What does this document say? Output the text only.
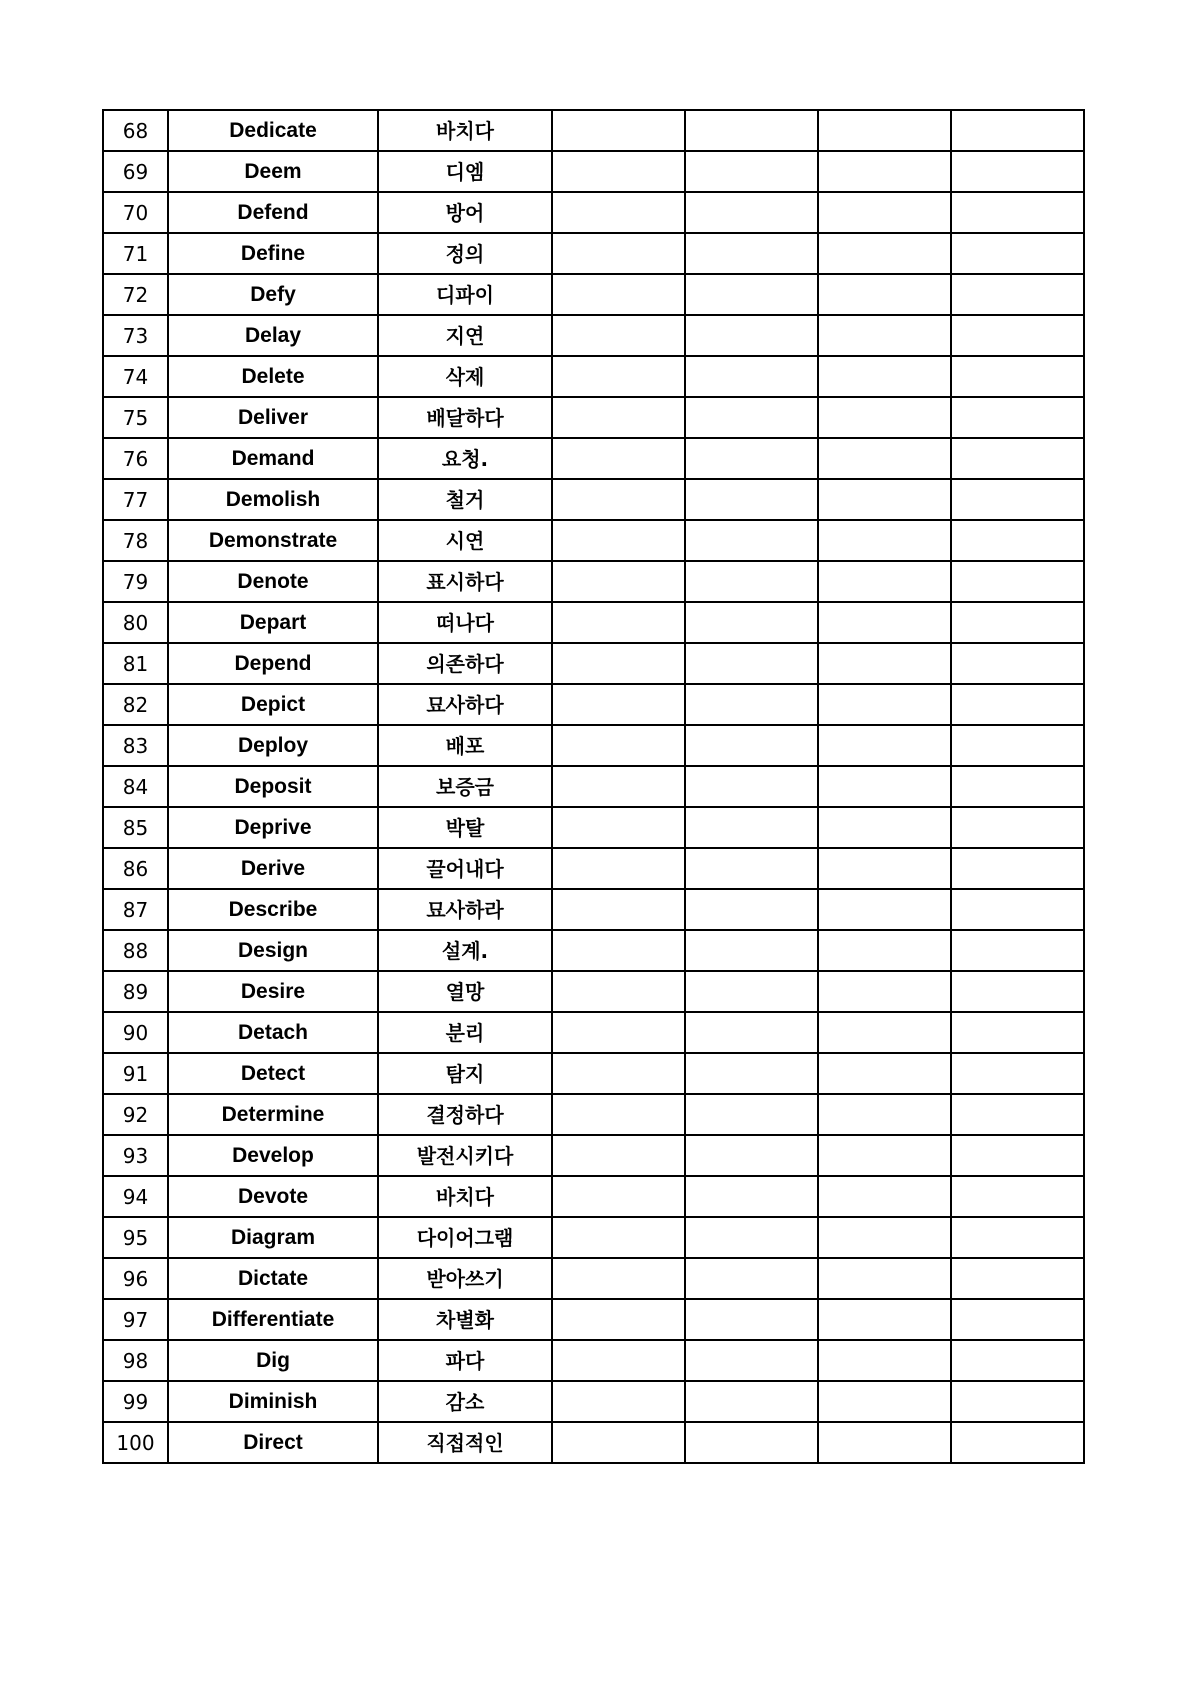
68	Dedicate	바치다				
69	Deem	디엠				
70	Defend	방어				
71	Define	정의				
72	Defy	디파이				
73	Delay	지연				
74	Delete	삭제				
75	Deliver	배달하다				
76	Demand	요청.				
77	Demolish	철거				
78	Demonstrate	시연				
79	Denote	표시하다				
80	Depart	떠나다				
81	Depend	의존하다				
82	Depict	묘사하다				
83	Deploy	배포				
84	Deposit	보증금				
85	Deprive	박탈				
86	Derive	끌어내다				
87	Describe	묘사하라				
88	Design	설계.				
89	Desire	열망				
90	Detach	분리				
91	Detect	탐지				
92	Determine	결정하다				
93	Develop	발전시키다				
94	Devote	바치다				
95	Diagram	다이어그램				
96	Dictate	받아쓰기				
97	Differentiate	차별화				
98	Dig	파다				
99	Diminish	감소				
100	Direct	직접적인				
